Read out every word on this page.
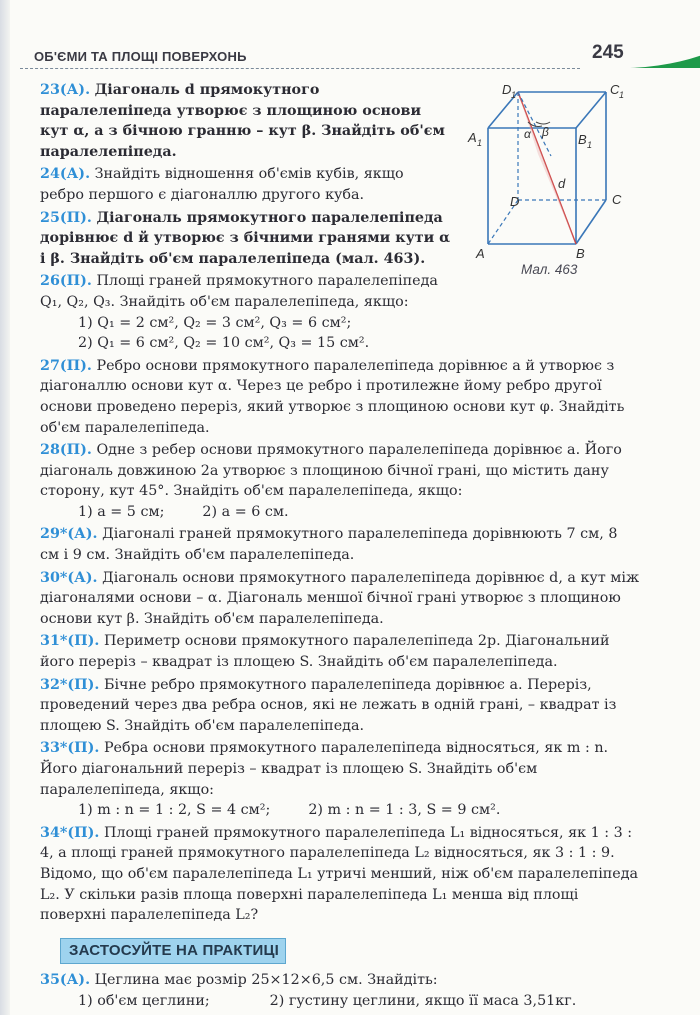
ОБ'ЄМИ ТА ПЛОЩІ ПОВЕРХОНЬ	245
D 1	C 1
A 1	B 1
D	C
A	B
α β
d
Мал. 463
23(А). Діагональ d прямокутного паралелепіпеда утворює з площиною основи кут α, а з бічною гранню – кут β. Знайдіть об'єм паралелепіпеда.
24(А). Знайдіть відношення об'ємів кубів, якщо ребро першого є діагоналлю другого куба.
25(П). Діагональ прямокутного паралелепіпеда дорівнює d й утворює з бічними гранями кути α і β. Знайдіть об'єм паралелепіпеда (мал. 463).
26(П). Площі граней прямокутного паралелепіпеда Q₁, Q₂, Q₃. Знайдіть об'єм паралелепіпеда, якщо:
1) Q₁ = 2 см², Q₂ = 3 см², Q₃ = 6 см²;
2) Q₁ = 6 см², Q₂ = 10 см², Q₃ = 15 см².
27(П). Ребро основи прямокутного паралелепіпеда дорівнює a й утворює з діагоналлю основи кут α. Через це ребро і протилежне йому ребро другої основи проведено переріз, який утворює з площиною основи кут φ. Знайдіть об'єм паралелепіпеда.
28(П). Одне з ребер основи прямокутного паралелепіпеда дорівнює a. Його діагональ довжиною 2a утворює з площиною бічної грані, що містить дану сторону, кут 45°. Знайдіть об'єм паралелепіпеда, якщо:
1) a = 5 см;	2) a = 6 см.
29*(А). Діагоналі граней прямокутного паралелепіпеда дорівнюють 7 см, 8 см і 9 см. Знайдіть об'єм паралелепіпеда.
30*(А). Діагональ основи прямокутного паралелепіпеда дорівнює d, а кут між діагоналями основи – α. Діагональ меншої бічної грані утворює з площиною основи кут β. Знайдіть об'єм паралелепіпеда.
31*(П). Периметр основи прямокутного паралелепіпеда 2p. Діагональний його переріз – квадрат із площею S. Знайдіть об'єм паралелепіпеда.
32*(П). Бічне ребро прямокутного паралелепіпеда дорівнює a. Переріз, проведений через два ребра основ, які не лежать в одній грані, – квадрат із площею S. Знайдіть об'єм паралелепіпеда.
33*(П). Ребра основи прямокутного паралелепіпеда відносяться, як m : n. Його діагональний переріз – квадрат із площею S. Знайдіть об'єм паралелепіпеда, якщо:
1) m : n = 1 : 2, S = 4 см²;	2) m : n = 1 : 3, S = 9 см².
34*(П). Площі граней прямокутного паралелепіпеда L₁ відносяться, як 1 : 3 : 4, а площі граней прямокутного паралелепіпеда L₂ відносяться, як 3 : 1 : 9. Відомо, що об'єм паралелепіпеда L₁ утричі менший, ніж об'єм паралелепіпеда L₂. У скільки разів площа поверхні паралелепіпеда L₁ менша від площі поверхні паралелепіпеда L₂?
ЗАСТОСУЙТЕ НА ПРАКТИЦІ
35(А). Цеглина має розмір 25×12×6,5 см. Знайдіть:
1) об'єм цеглини;	2) густину цеглини, якщо її маса 3,51кг.
